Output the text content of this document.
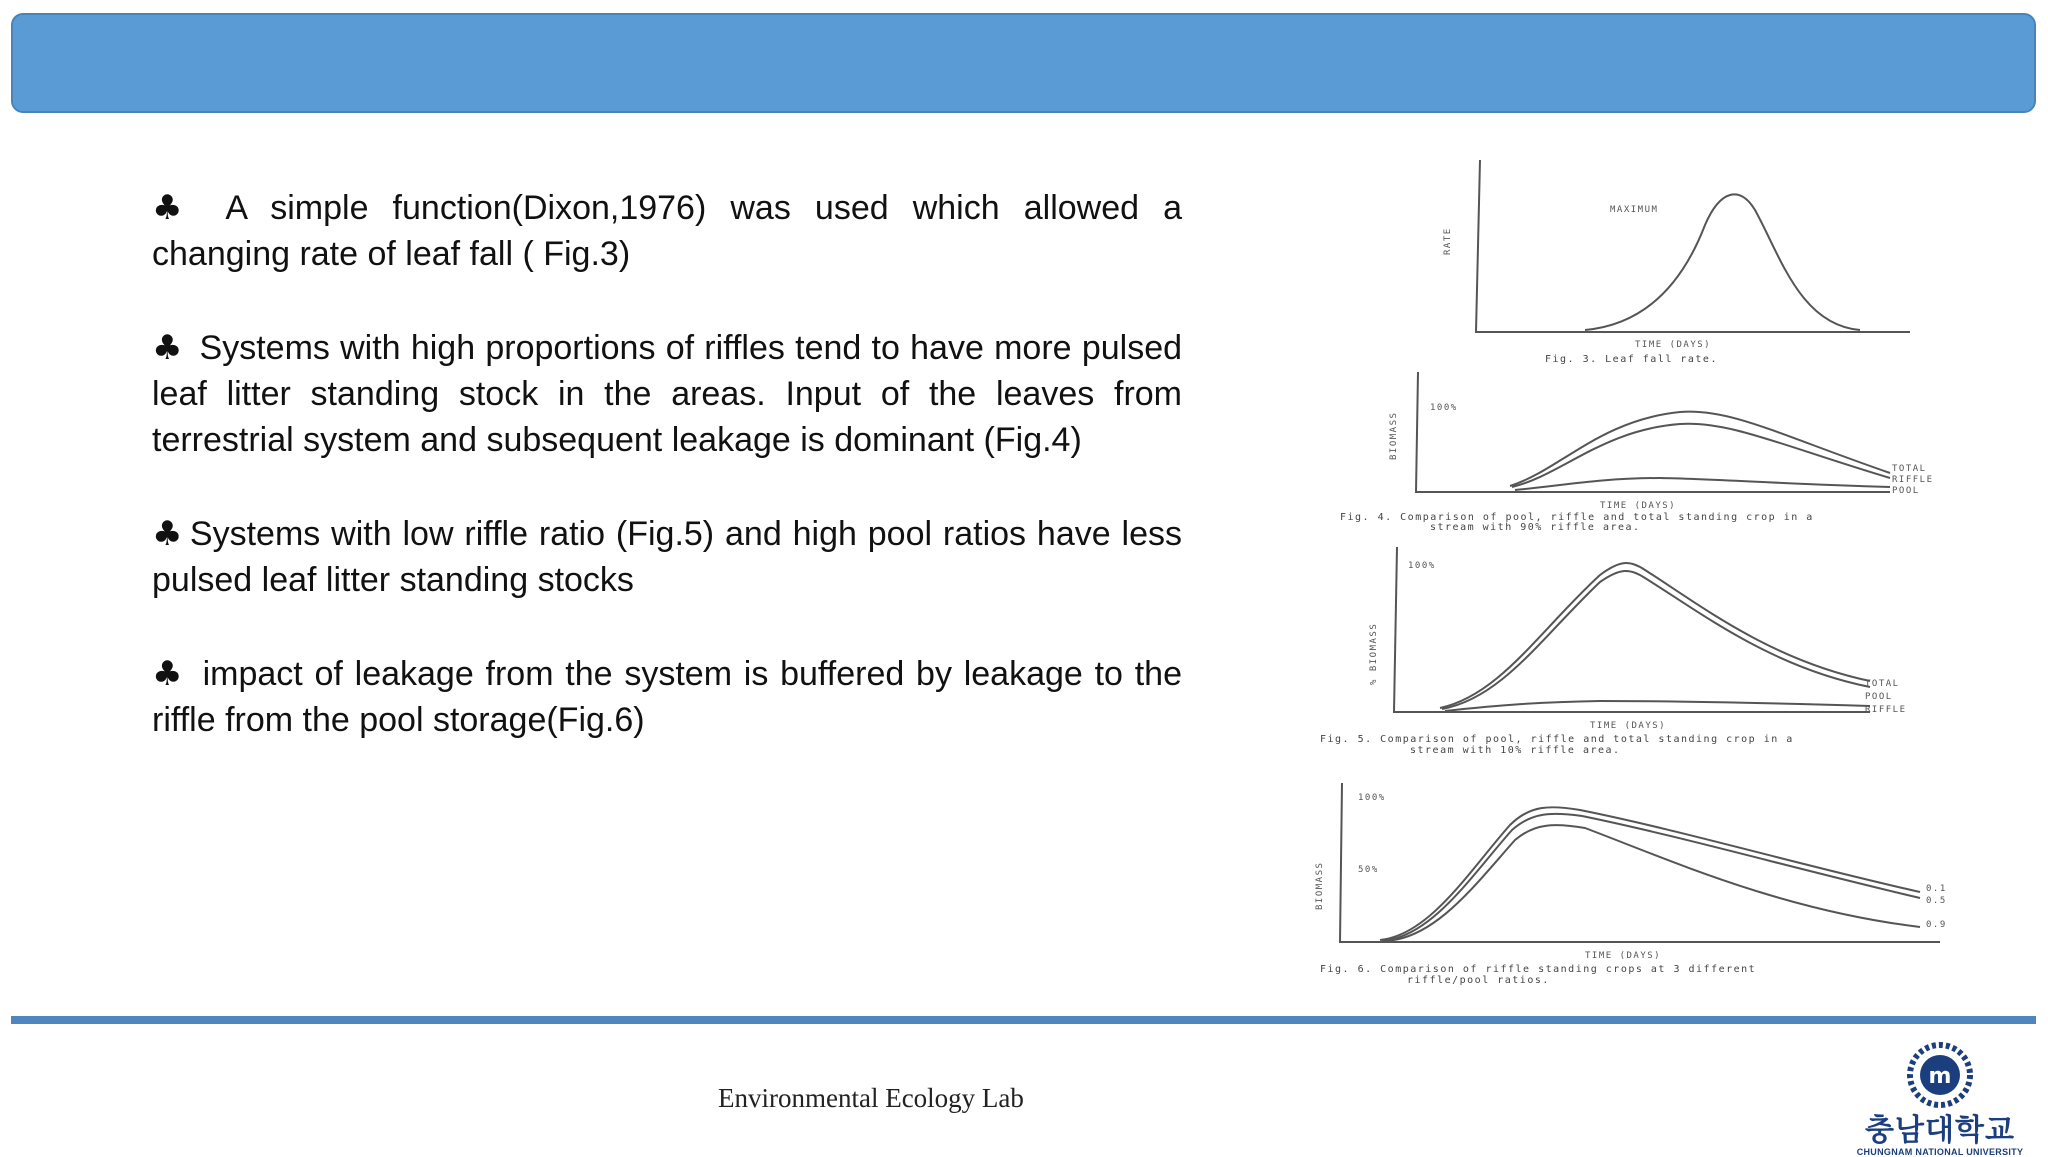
♣ A simple function(Dixon,1976) was used which allowed a changing rate of leaf fall ( Fig.3)

♣ Systems with high proportions of riffles tend to have more pulsed leaf litter standing stock in the areas. Input of the leaves from terrestrial system and subsequent leakage is dominant (Fig.4)

♣ Systems with low riffle ratio (Fig.5) and high pool ratios have less pulsed leaf litter standing stocks

♣ impact of leakage from the system is buffered by leakage to the riffle from the pool storage(Fig.6)

RATE
MAXIMUM
TIME (DAYS)
Fig. 3. Leaf fall rate.
BIOMASS
100%
TOTAL
RIFFLE
POOL
TIME (DAYS)
Fig. 4. Comparison of pool, riffle and total standing crop in a
stream with 90% riffle area.
% BIOMASS
100%
TOTAL
POOL
RIFFLE
TIME (DAYS)
Fig. 5. Comparison of pool, riffle and total standing crop in a
stream with 10% riffle area.
BIOMASS
100%
50%
0.1
0.5
0.9
TIME (DAYS)
Fig. 6. Comparison of riffle standing crops at 3 different
riffle/pool ratios.
Environmental Ecology Lab
m
충남대학교
CHUNGNAM NATIONAL UNIVERSITY
